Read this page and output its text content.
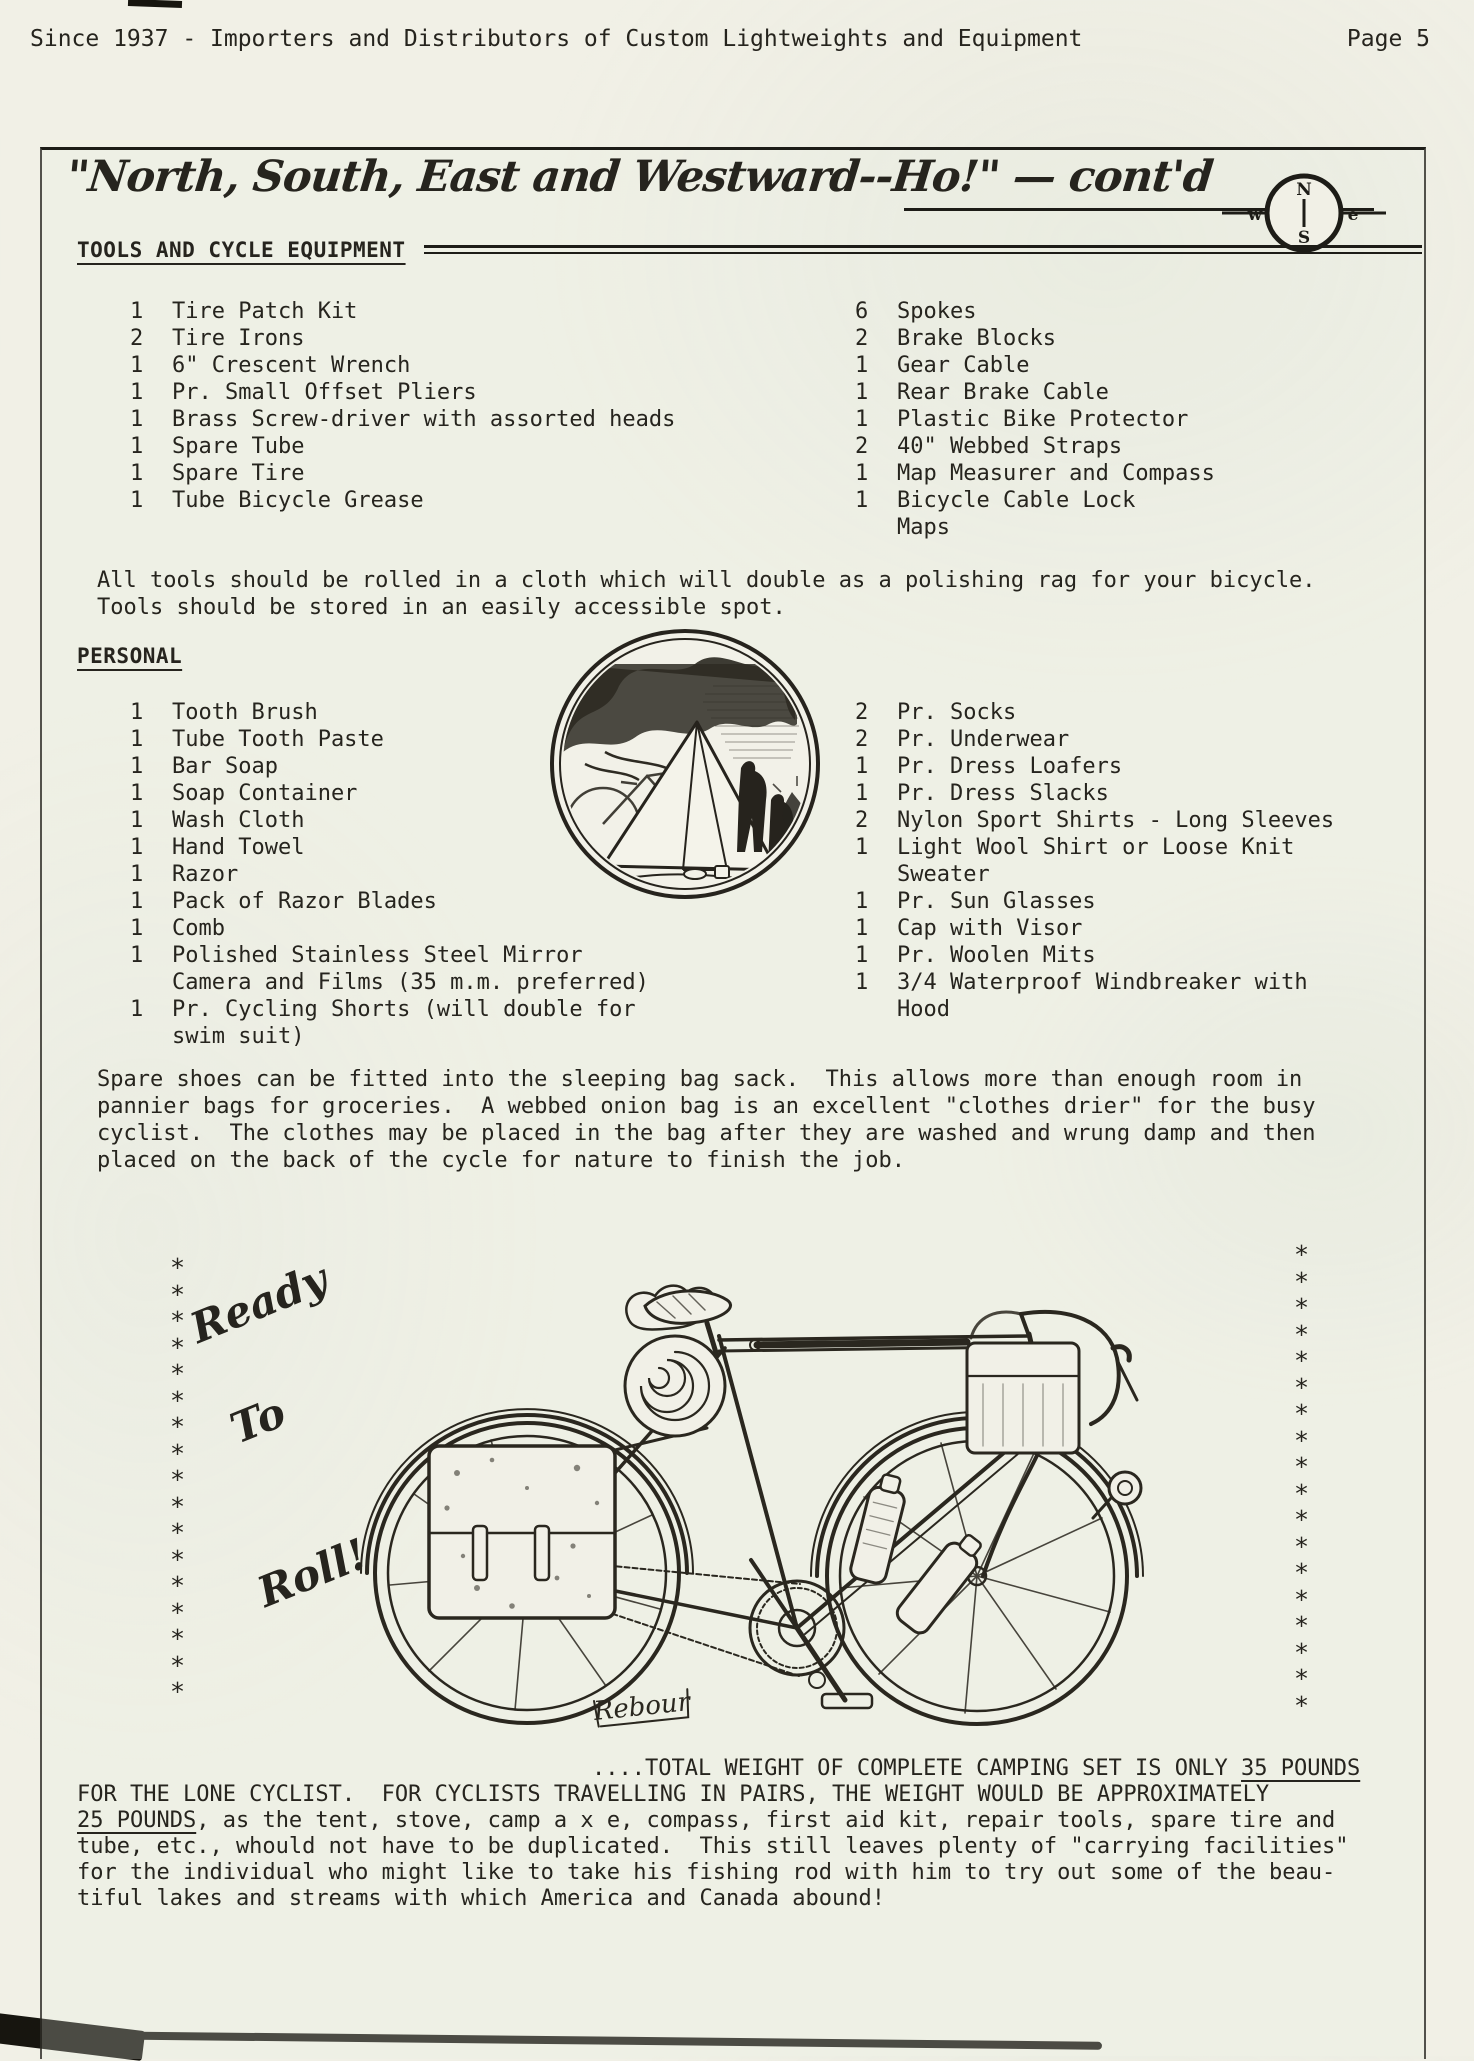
Since 1937 - Importers and Distributors of Custom Lightweights and Equipment	Page 5
"North, South, East and Westward--Ho!" — cont'd	N
S
w	e
TOOLS AND CYCLE EQUIPMENT
1	Tire Patch Kit
2	Tire Irons
1	6" Crescent Wrench
1	Pr. Small Offset Pliers
1	Brass Screw-driver with assorted heads
1	Spare Tube
1	Spare Tire
1	Tube Bicycle Grease
6	Spokes
2	Brake Blocks
1	Gear Cable
1	Rear Brake Cable
1	Plastic Bike Protector
2	40" Webbed Straps
1	Map Measurer and Compass
1	Bicycle Cable Lock
Maps
All tools should be rolled in a cloth which will double as a polishing rag for your bicycle.
Tools should be stored in an easily accessible spot.
PERSONAL
1	Tooth Brush
1	Tube Tooth Paste
1	Bar Soap
1	Soap Container
1	Wash Cloth
1	Hand Towel
1	Razor
1	Pack of Razor Blades
1	Comb
1	Polished Stainless Steel Mirror
Camera and Films (35 m.m. preferred)
1	Pr. Cycling Shorts (will double for
swim suit)
2	Pr. Socks
2	Pr. Underwear
1	Pr. Dress Loafers
1	Pr. Dress Slacks
2	Nylon Sport Shirts - Long Sleeves
1	Light Wool Shirt or Loose Knit
Sweater
1	Pr. Sun Glasses
1	Cap with Visor
1	Pr. Woolen Mits
1	3/4 Waterproof Windbreaker with
Hood
Spare shoes can be fitted into the sleeping bag sack.  This allows more than enough room in
pannier bags for groceries.  A webbed onion bag is an excellent "clothes drier" for the busy
cyclist.  The clothes may be placed in the bag after they are washed and wrung damp and then
placed on the back of the cycle for nature to finish the job.

Ready

To

Roll!

*
*
*
*
*
*
*
*
*
*
*
*
*
*
*
*
*
*
*
*
*
*
*
*
*
*
*
*
*
*
*
*
*
*
*
Rebour
....TOTAL WEIGHT OF COMPLETE CAMPING SET IS ONLY 35 POUNDS
FOR THE LONE CYCLIST.  FOR CYCLISTS TRAVELLING IN PAIRS, THE WEIGHT WOULD BE APPROXIMATELY
25 POUNDS, as the tent, stove, camp a x e, compass, first aid kit, repair tools, spare tire and
tube, etc., whould not have to be duplicated.  This still leaves plenty of "carrying facilities"
for the individual who might like to take his fishing rod with him to try out some of the beau-
tiful lakes and streams with which America and Canada abound!
